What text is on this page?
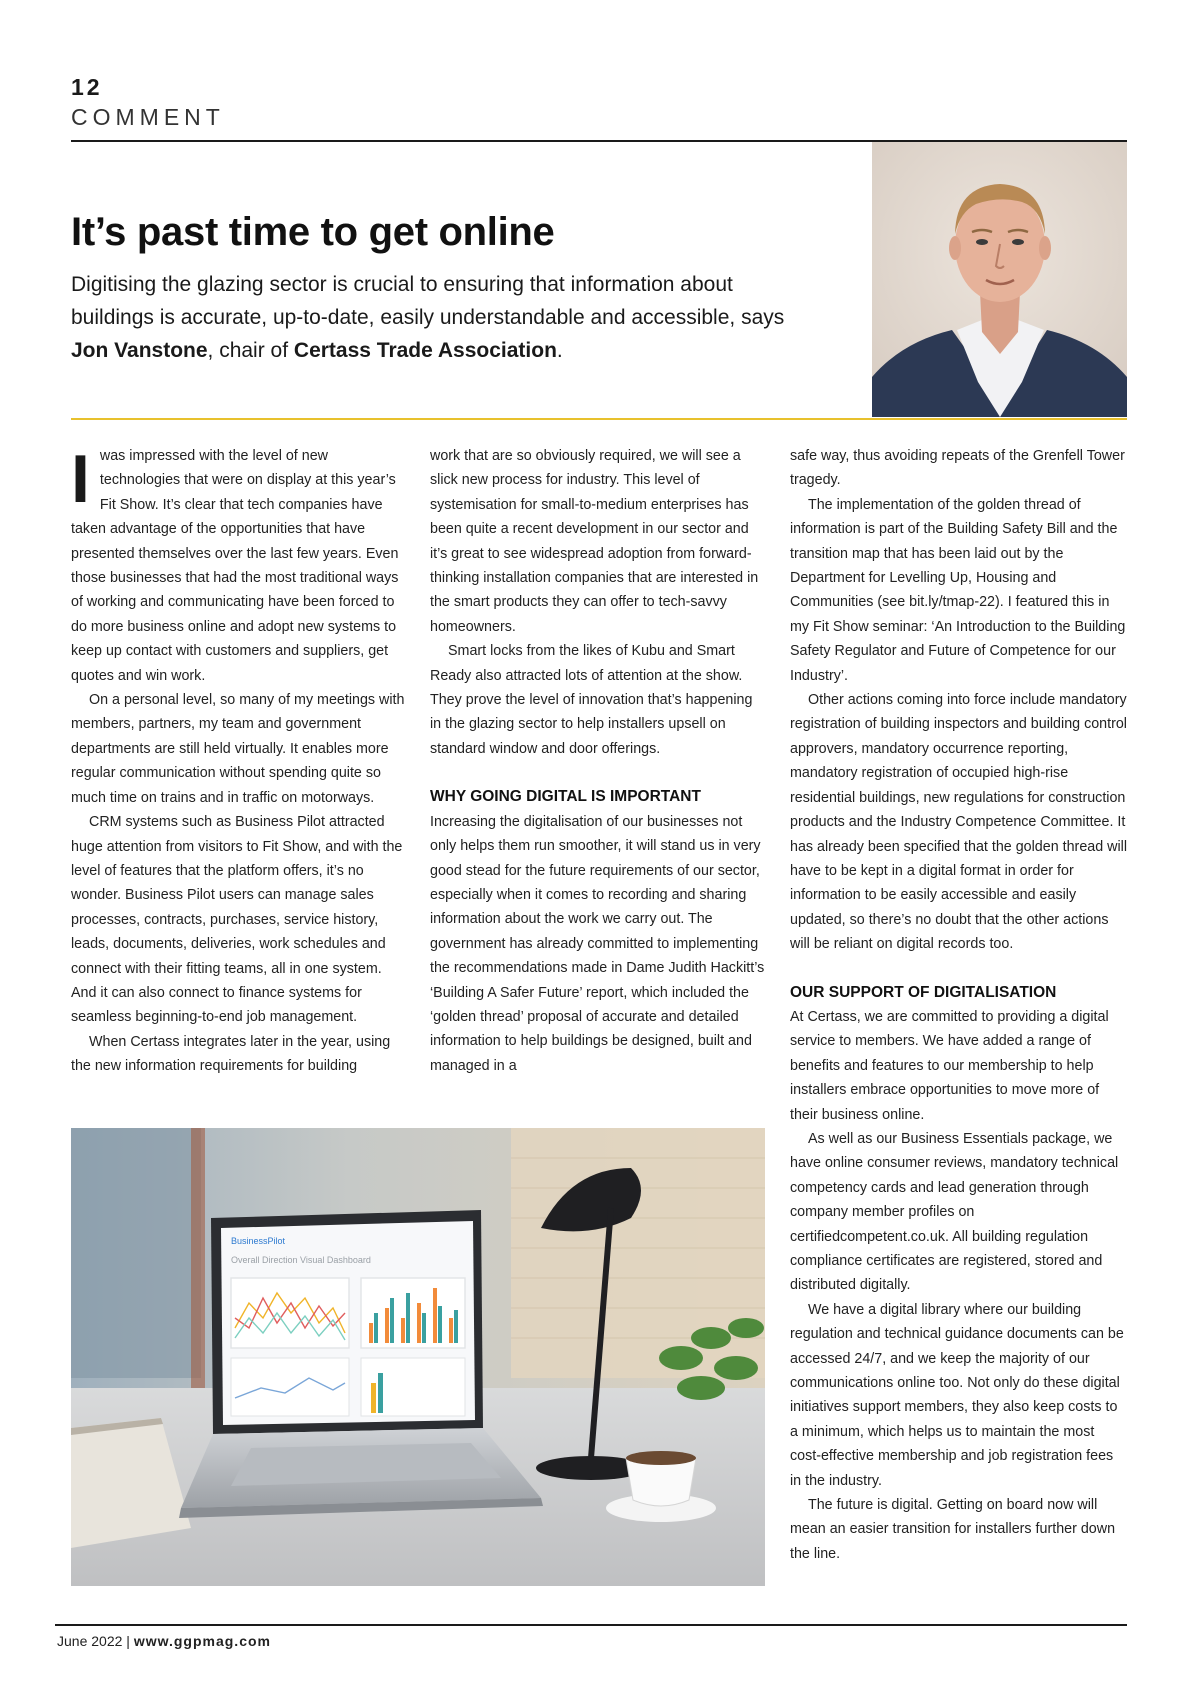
12
COMMENT
It’s past time to get online

Digitising the glazing sector is crucial to ensuring that information about buildings is accurate, up-to-date, easily understandable and accessible, says Jon Vanstone, chair of Certass Trade Association.

Iwas impressed with the level of new technologies that were on display at this year’s Fit Show. It’s clear that tech companies have taken advantage of the opportunities that have presented themselves over the last few years. Even those businesses that had the most traditional ways of working and communicating have been forced to do more business online and adopt new systems to keep up contact with customers and suppliers, get quotes and win work.

On a personal level, so many of my meetings with members, partners, my team and government departments are still held virtually. It enables more regular communication without spending quite so much time on trains and in traffic on motorways.

CRM systems such as Business Pilot attracted huge attention from visitors to Fit Show, and with the level of features that the platform offers, it’s no wonder. Business Pilot users can manage sales processes, contracts, purchases, service history, leads, documents, deliveries, work schedules and connect with their fitting teams, all in one system. And it can also connect to finance systems for seamless beginning-to-end job management.

When Certass integrates later in the year, using the new information requirements for building

work that are so obviously required, we will see a slick new process for industry. This level of systemisation for small-to-medium enterprises has been quite a recent development in our sector and it’s great to see widespread adoption from forward-thinking installation companies that are interested in the smart products they can offer to tech-savvy homeowners.

Smart locks from the likes of Kubu and Smart Ready also attracted lots of attention at the show. They prove the level of innovation that’s happening in the glazing sector to help installers upsell on standard window and door offerings.

WHY GOING DIGITAL IS IMPORTANT

Increasing the digitalisation of our businesses not only helps them run smoother, it will stand us in very good stead for the future requirements of our sector, especially when it comes to recording and sharing information about the work we carry out. The government has already committed to implementing the recommendations made in Dame Judith Hackitt’s ‘Building A Safer Future’ report, which included the ‘golden thread’ proposal of accurate and detailed information to help buildings be designed, built and managed in a

safe way, thus avoiding repeats of the Grenfell Tower tragedy.

The implementation of the golden thread of information is part of the Building Safety Bill and the transition map that has been laid out by the Department for Levelling Up, Housing and Communities (see bit.ly/tmap-22). I featured this in my Fit Show seminar: ‘An Introduction to the Building Safety Regulator and Future of Competence for our Industry’.

Other actions coming into force include mandatory registration of building inspectors and building control approvers, mandatory occurrence reporting, mandatory registration of occupied high-rise residential buildings, new regulations for construction products and the Industry Competence Committee. It has already been specified that the golden thread will have to be kept in a digital format in order for information to be easily accessible and easily updated, so there’s no doubt that the other actions will be reliant on digital records too.

OUR SUPPORT OF DIGITALISATION

At Certass, we are committed to providing a digital service to members. We have added a range of benefits and features to our membership to help installers embrace opportunities to move more of their business online.

As well as our Business Essentials package, we have online consumer reviews, mandatory technical competency cards and lead generation through company member profiles on certifiedcompetent.co.uk. All building regulation compliance certificates are registered, stored and distributed digitally.

We have a digital library where our building regulation and technical guidance documents can be accessed 24/7, and we keep the majority of our communications online too. Not only do these digital initiatives support members, they also keep costs to a minimum, which helps us to maintain the most cost-effective membership and job registration fees in the industry.

The future is digital. Getting on board now will mean an easier transition for installers further down the line.

BusinessPilot
Overall Direction Visual Dashboard
June 2022 | www.ggpmag.com
